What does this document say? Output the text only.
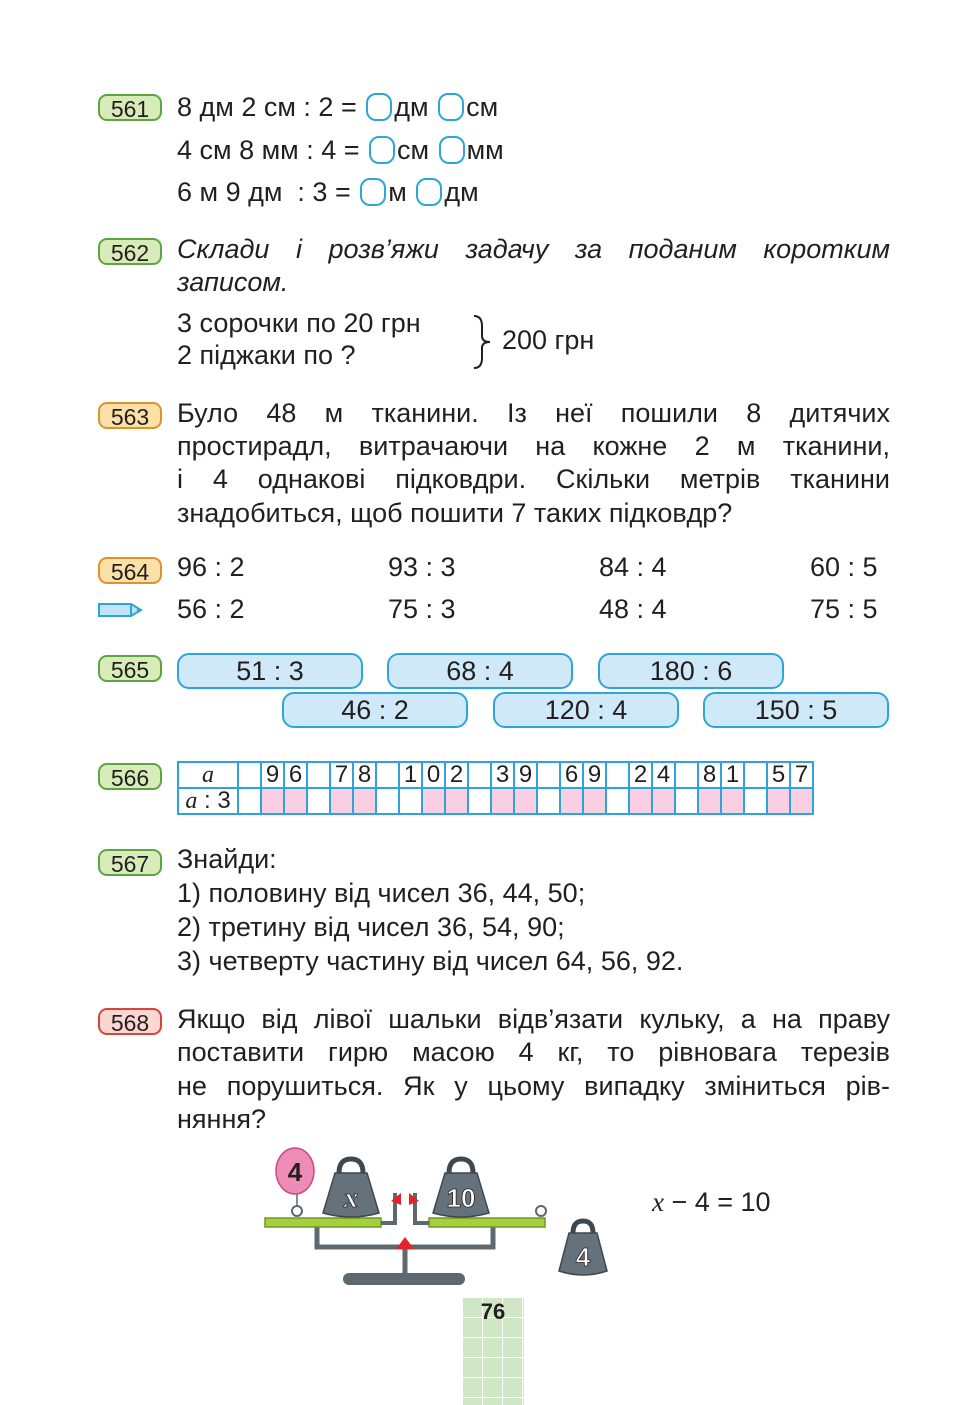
561	8 дм 2 см : 2 = дм см
4 см 8 мм : 4 = см мм
6 м 9 дм  : 3 = м дм
562	Склади і розв’яжи задачу за поданим коротким
записом.
3 сорочки по 20 грн
2 піджаки по ?	200 грн
563	Було 48 м тканини. Із неї пошили 8 дитячих
простирадл, витрачаючи на кожне 2 м тканини,
і 4 однакові підковдри. Скільки метрів тканини
знадобиться, щоб пошити 7 таких підковдр?
564	96 : 2	93 : 3	84 : 4	60 : 5
56 : 2	75 : 3	48 : 4	75 : 5
565	51 : 3	68 : 4	180 : 6
46 : 2	120 : 4	150 : 5
566	a		9	6		7	8		1	0	2		3	9		6	9		2	4		8	1		5	7
a : 3																									
567	Знайди:
1) половину від чисел 36, 44, 50;
2) третину від чисел 36, 54, 90;
3) четверту частину від чисел 64, 56, 92.
568	Якщо від лівої шальки відв’язати кульку, а на праву
поставити гирю масою 4 кг, то рівновага терезів
не порушиться. Як у цьому випадку зміниться рів-
няння?
4
x	10
4
x − 4 = 10
76
